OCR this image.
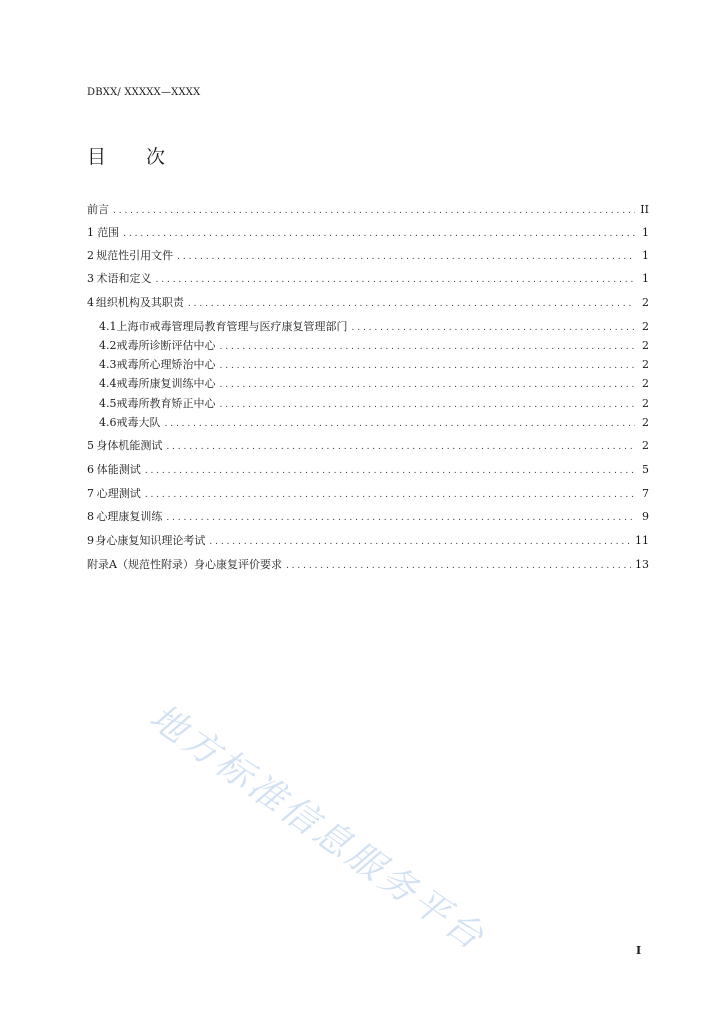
DBXX/ XXXXX—XXXX
目 次
前言 . . .	II
1 范围 . . .	1
2 规范性引用文件 . . .	1
3 术语和定义 . . .	1
4 组织机构及其职责 . . .	2
4.1 上海市戒毒管理局教育管理与医疗康复管理部门 . . .	2
4.2 戒毒所诊断评估中心 . . .	2
4.3 戒毒所心理矫治中心 . . .	2
4.4 戒毒所康复训练中心 . . .	2
4.5 戒毒所教育矫正中心 . . .	2
4.6 戒毒大队 . . .	2
5 身体机能测试 . . .	2
6 体能测试 . . .	5
7 心理测试 . . .	7
8 心理康复训练 . . .	9
9 身心康复知识理论考试 . . .	11
附录A（规范性附录）身心康复评价要求 . . .	13
地方标准信息服务平台	I
